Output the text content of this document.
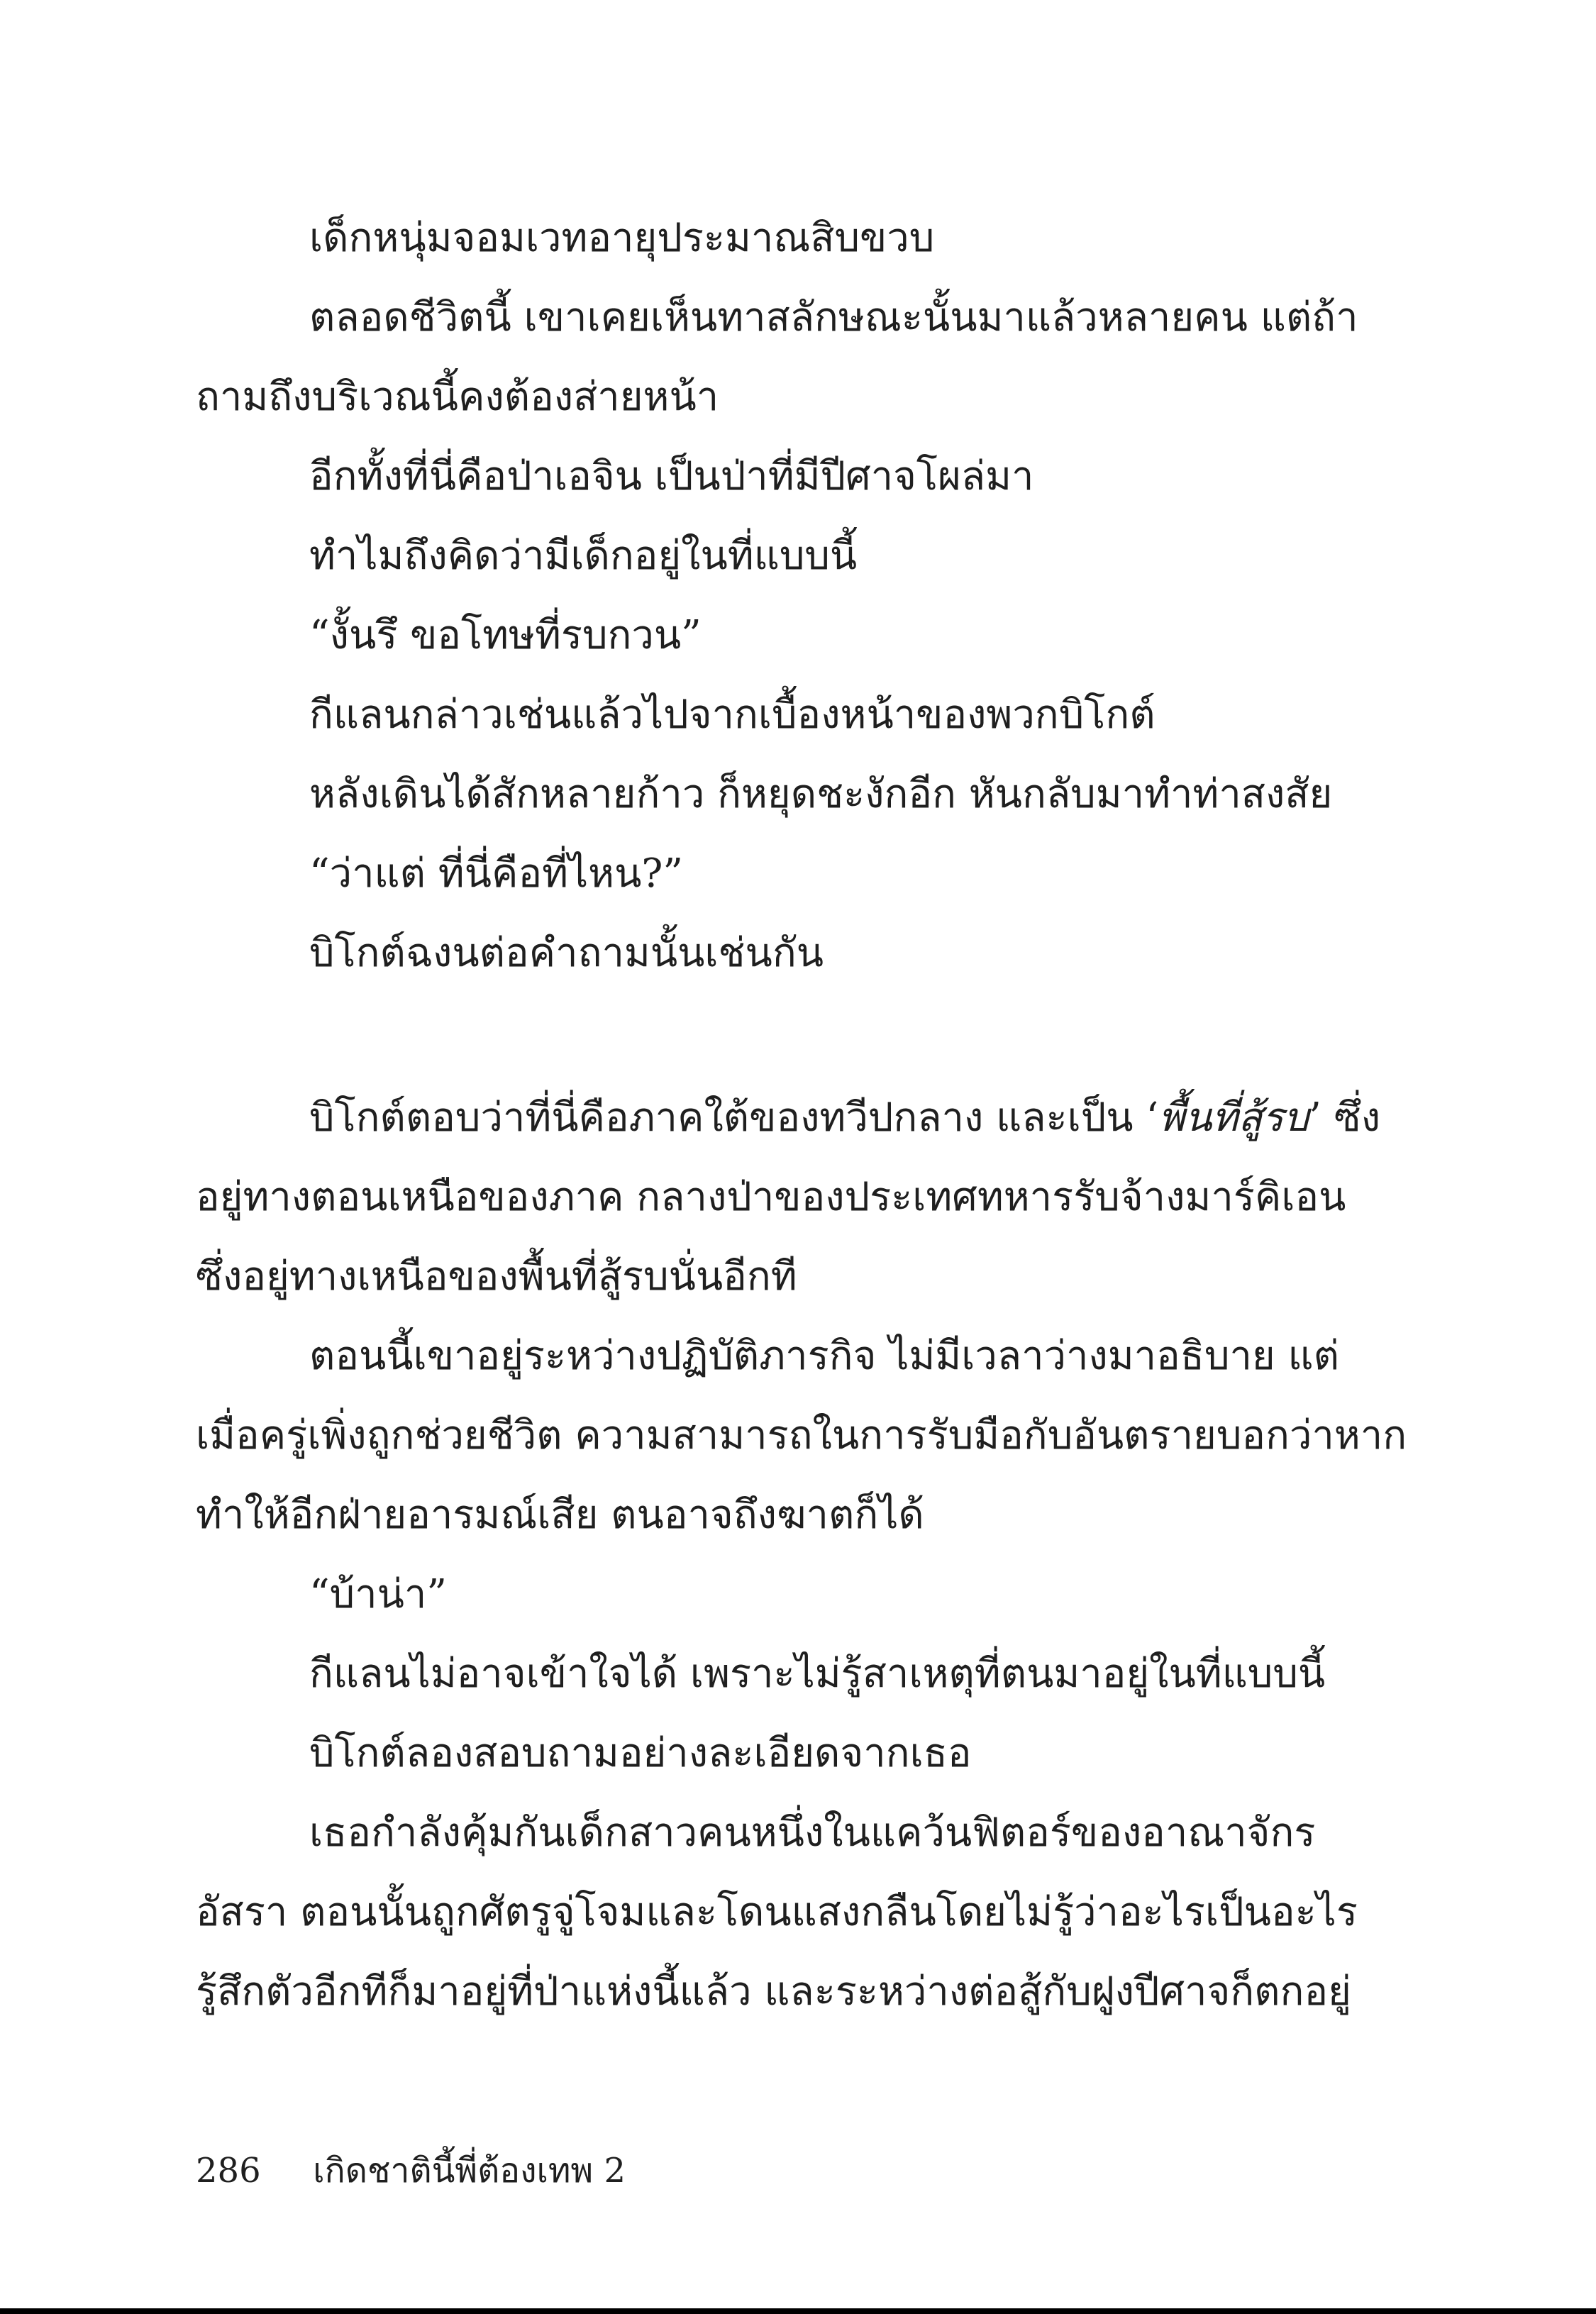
เด็กหนุ่มจอมเวทอายุประมาณสิบขวบ
ตลอดชีวิตนี้ เขาเคยเห็นทาสลักษณะนั้นมาแล้วหลายคน แต่ถ้า
ถามถึงบริเวณนี้คงต้องส่ายหน้า
อีกทั้งที่นี่คือป่าเอจิน เป็นป่าที่มีปีศาจโผล่มา
ทำไมถึงคิดว่ามีเด็กอยู่ในที่แบบนี้
“งั้นรึ ขอโทษที่รบกวน”
กีแลนกล่าวเช่นแล้วไปจากเบื้องหน้าของพวกบิโกต์
หลังเดินได้สักหลายก้าว ก็หยุดชะงักอีก หันกลับมาทำท่าสงสัย
“ว่าแต่ ที่นี่คือที่ไหน?”
บิโกต์ฉงนต่อคำถามนั้นเช่นกัน
บิโกต์ตอบว่าที่นี่คือภาคใต้ของทวีปกลาง และเป็น ‘พื้นที่สู้รบ’ ซึ่ง
อยู่ทางตอนเหนือของภาค กลางป่าของประเทศทหารรับจ้างมาร์คิเอน
ซึ่งอยู่ทางเหนือของพื้นที่สู้รบนั่นอีกที
ตอนนี้เขาอยู่ระหว่างปฏิบัติภารกิจ ไม่มีเวลาว่างมาอธิบาย แต่
เมื่อครู่เพิ่งถูกช่วยชีวิต ความสามารถในการรับมือกับอันตรายบอกว่าหาก
ทำให้อีกฝ่ายอารมณ์เสีย ตนอาจถึงฆาตก็ได้
“บ้าน่า”
กีแลนไม่อาจเข้าใจได้ เพราะไม่รู้สาเหตุที่ตนมาอยู่ในที่แบบนี้
บิโกต์ลองสอบถามอย่างละเอียดจากเธอ
เธอกำลังคุ้มกันเด็กสาวคนหนึ่งในแคว้นฟิตอร์ของอาณาจักร
อัสรา ตอนนั้นถูกศัตรูจู่โจมและโดนแสงกลืนโดยไม่รู้ว่าอะไรเป็นอะไร
รู้สึกตัวอีกทีก็มาอยู่ที่ป่าแห่งนี้แล้ว และระหว่างต่อสู้กับฝูงปีศาจก็ตกอยู่
286 เกิดชาตินี้พี่ต้องเทพ 2
